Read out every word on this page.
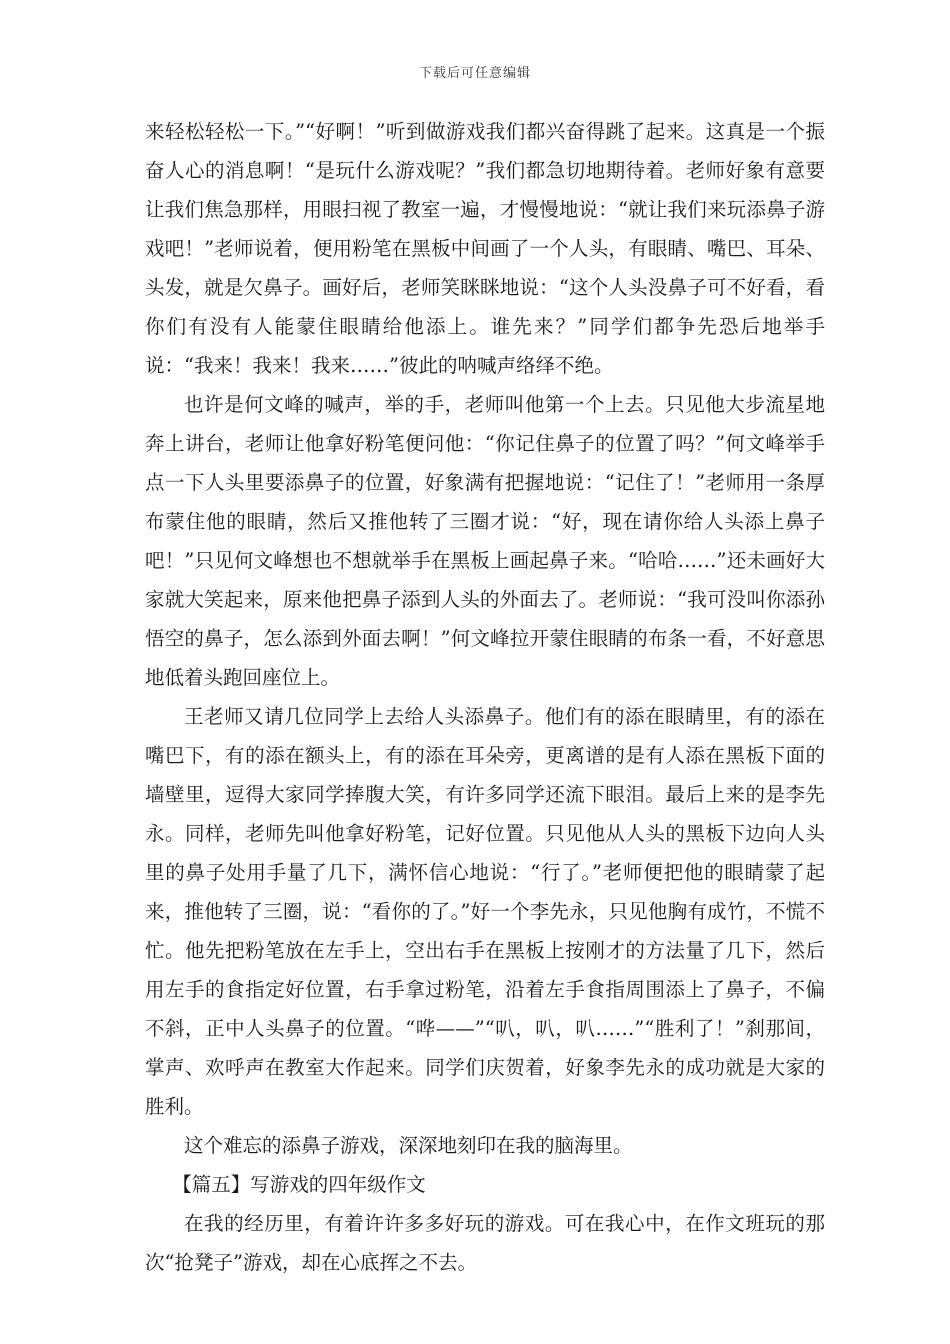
下载后可任意编辑

来轻松轻松一下。”“好啊！”听到做游戏我们都兴奋得跳了起来。这真是一个振奋人心的消息啊！“是玩什么游戏呢？”我们都急切地期待着。老师好象有意要让我们焦急那样，用眼扫视了教室一遍，才慢慢地说：“就让我们来玩添鼻子游戏吧！”老师说着，便用粉笔在黑板中间画了一个人头，有眼睛、嘴巴、耳朵、头发，就是欠鼻子。画好后，老师笑眯眯地说：“这个人头没鼻子可不好看，看你们有没有人能蒙住眼睛给他添上。谁先来？”同学们都争先恐后地举手说：“我来！我来！我来……”彼此的呐喊声络绎不绝。

也许是何文峰的喊声，举的手，老师叫他第一个上去。只见他大步流星地奔上讲台，老师让他拿好粉笔便问他：“你记住鼻子的位置了吗？”何文峰举手点一下人头里要添鼻子的位置，好象满有把握地说：“记住了！”老师用一条厚布蒙住他的眼睛，然后又推他转了三圈才说：“好，现在请你给人头添上鼻子吧！”只见何文峰想也不想就举手在黑板上画起鼻子来。“哈哈……”还未画好大家就大笑起来，原来他把鼻子添到人头的外面去了。老师说：“我可没叫你添孙悟空的鼻子，怎么添到外面去啊！”何文峰拉开蒙住眼睛的布条一看，不好意思地低着头跑回座位上。

王老师又请几位同学上去给人头添鼻子。他们有的添在眼睛里，有的添在嘴巴下，有的添在额头上，有的添在耳朵旁，更离谱的是有人添在黑板下面的墙壁里，逗得大家同学捧腹大笑，有许多同学还流下眼泪。最后上来的是李先永。同样，老师先叫他拿好粉笔，记好位置。只见他从人头的黑板下边向人头里的鼻子处用手量了几下，满怀信心地说：“行了。”老师便把他的眼睛蒙了起来，推他转了三圈，说：“看你的了。”好一个李先永，只见他胸有成竹，不慌不忙。他先把粉笔放在左手上，空出右手在黑板上按刚才的方法量了几下，然后用左手的食指定好位置，右手拿过粉笔，沿着左手食指周围添上了鼻子，不偏不斜，正中人头鼻子的位置。“哗——”“叭，叭，叭……”“胜利了！”刹那间，掌声、欢呼声在教室大作起来。同学们庆贺着，好象李先永的成功就是大家的胜利。

这个难忘的添鼻子游戏，深深地刻印在我的脑海里。

【篇五】写游戏的四年级作文

在我的经历里，有着许许多多好玩的游戏。可在我心中，在作文班玩的那次“抢凳子”游戏，却在心底挥之不去。
